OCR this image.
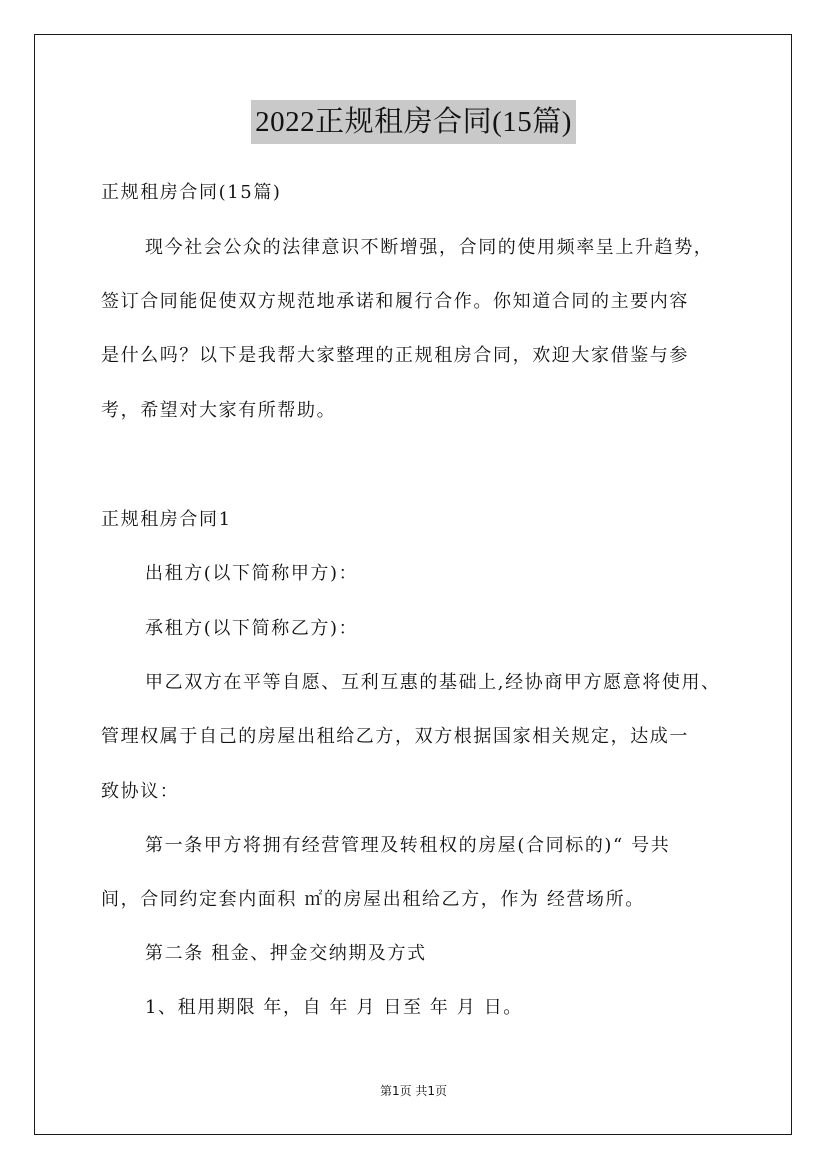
2022正规租房合同(15篇)
正规租房合同(15篇)
现今社会公众的法律意识不断增强，合同的使用频率呈上升趋势，
签订合同能促使双方规范地承诺和履行合作。你知道合同的主要内容
是什么吗？以下是我帮大家整理的正规租房合同，欢迎大家借鉴与参
考，希望对大家有所帮助。
正规租房合同1
出租方(以下简称甲方)：
承租方(以下简称乙方)：
甲乙双方在平等自愿、互利互惠的基础上,经协商甲方愿意将使用、
管理权属于自己的房屋出租给乙方，双方根据国家相关规定，达成一
致协议：
第一条甲方将拥有经营管理及转租权的房屋(合同标的)“ 号共
间，合同约定套内面积 ㎡的房屋出租给乙方，作为 经营场所。
第二条 租金、押金交纳期及方式
1、租用期限 年，自 年 月 日至 年 月 日。
第1页 共1页
